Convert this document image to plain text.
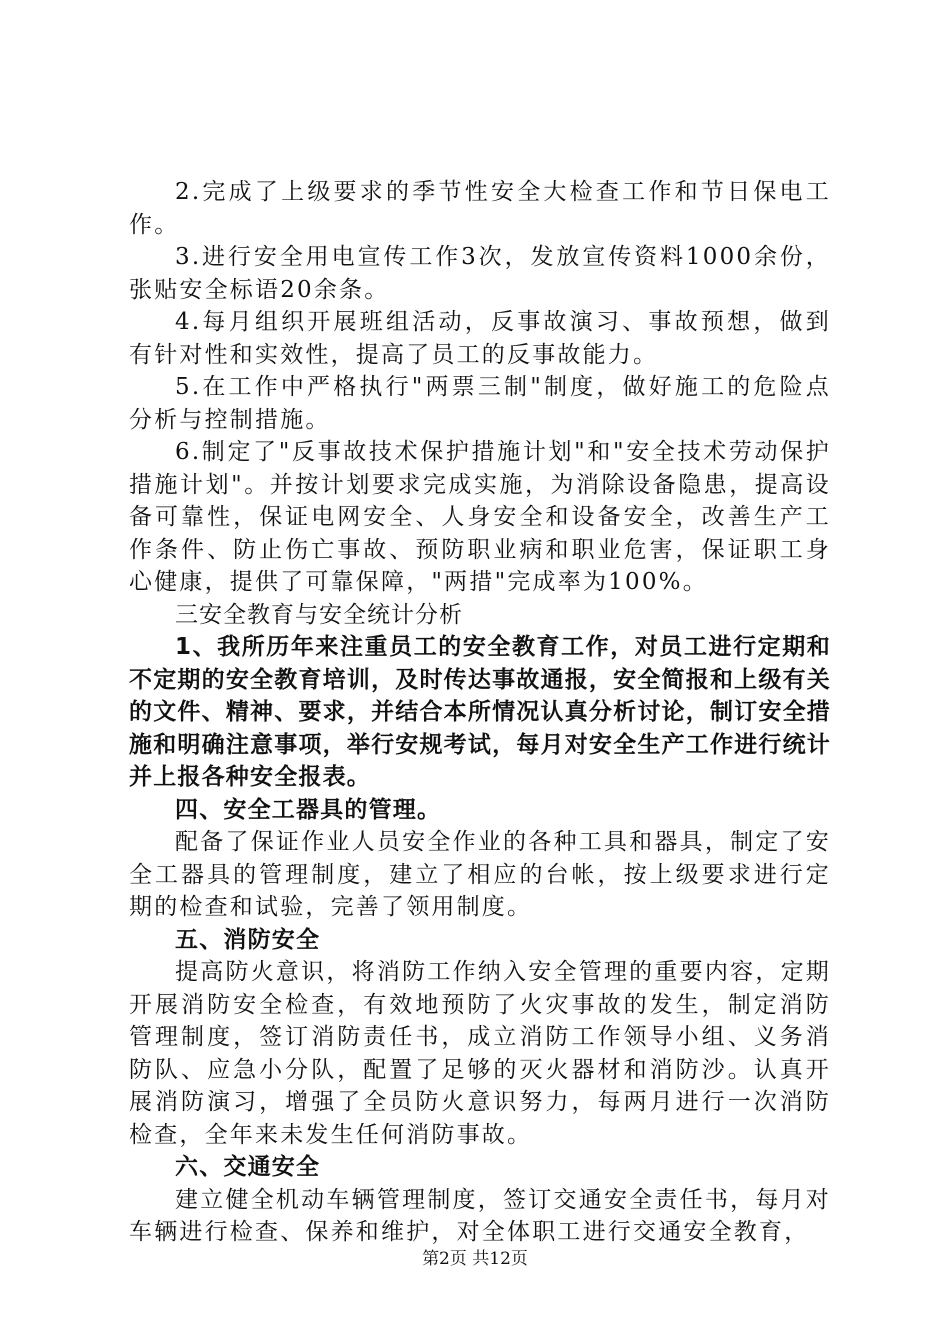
2.完成了上级要求的季节性安全大检查工作和节日保电工作。

3.进行安全用电宣传工作3次，发放宣传资料1000余份，张贴安全标语20余条。

4.每月组织开展班组活动，反事故演习、事故预想，做到有针对性和实效性，提高了员工的反事故能力。

5.在工作中严格执行"两票三制"制度，做好施工的危险点分析与控制措施。

6.制定了"反事故技术保护措施计划"和"安全技术劳动保护措施计划"。并按计划要求完成实施，为消除设备隐患，提高设备可靠性，保证电网安全、人身安全和设备安全，改善生产工作条件、防止伤亡事故、预防职业病和职业危害，保证职工身心健康，提供了可靠保障，"两措"完成率为100%。

三安全教育与安全统计分析

1、我所历年来注重员工的安全教育工作，对员工进行定期和不定期的安全教育培训，及时传达事故通报，安全简报和上级有关的文件、精神、要求，并结合本所情况认真分析讨论，制订安全措施和明确注意事项，举行安规考试，每月对安全生产工作进行统计并上报各种安全报表。

四、安全工器具的管理。

配备了保证作业人员安全作业的各种工具和器具，制定了安全工器具的管理制度，建立了相应的台帐，按上级要求进行定期的检查和试验，完善了领用制度。

五、消防安全

提高防火意识，将消防工作纳入安全管理的重要内容，定期开展消防安全检查，有效地预防了火灾事故的发生，制定消防管理制度，签订消防责任书，成立消防工作领导小组、义务消防队、应急小分队，配置了足够的灭火器材和消防沙。认真开展消防演习，增强了全员防火意识努力，每两月进行一次消防检查，全年来未发生任何消防事故。

六、交通安全

建立健全机动车辆管理制度，签订交通安全责任书，每月对车辆进行检查、保养和维护，对全体职工进行交通安全教育，

第2页 共12页
